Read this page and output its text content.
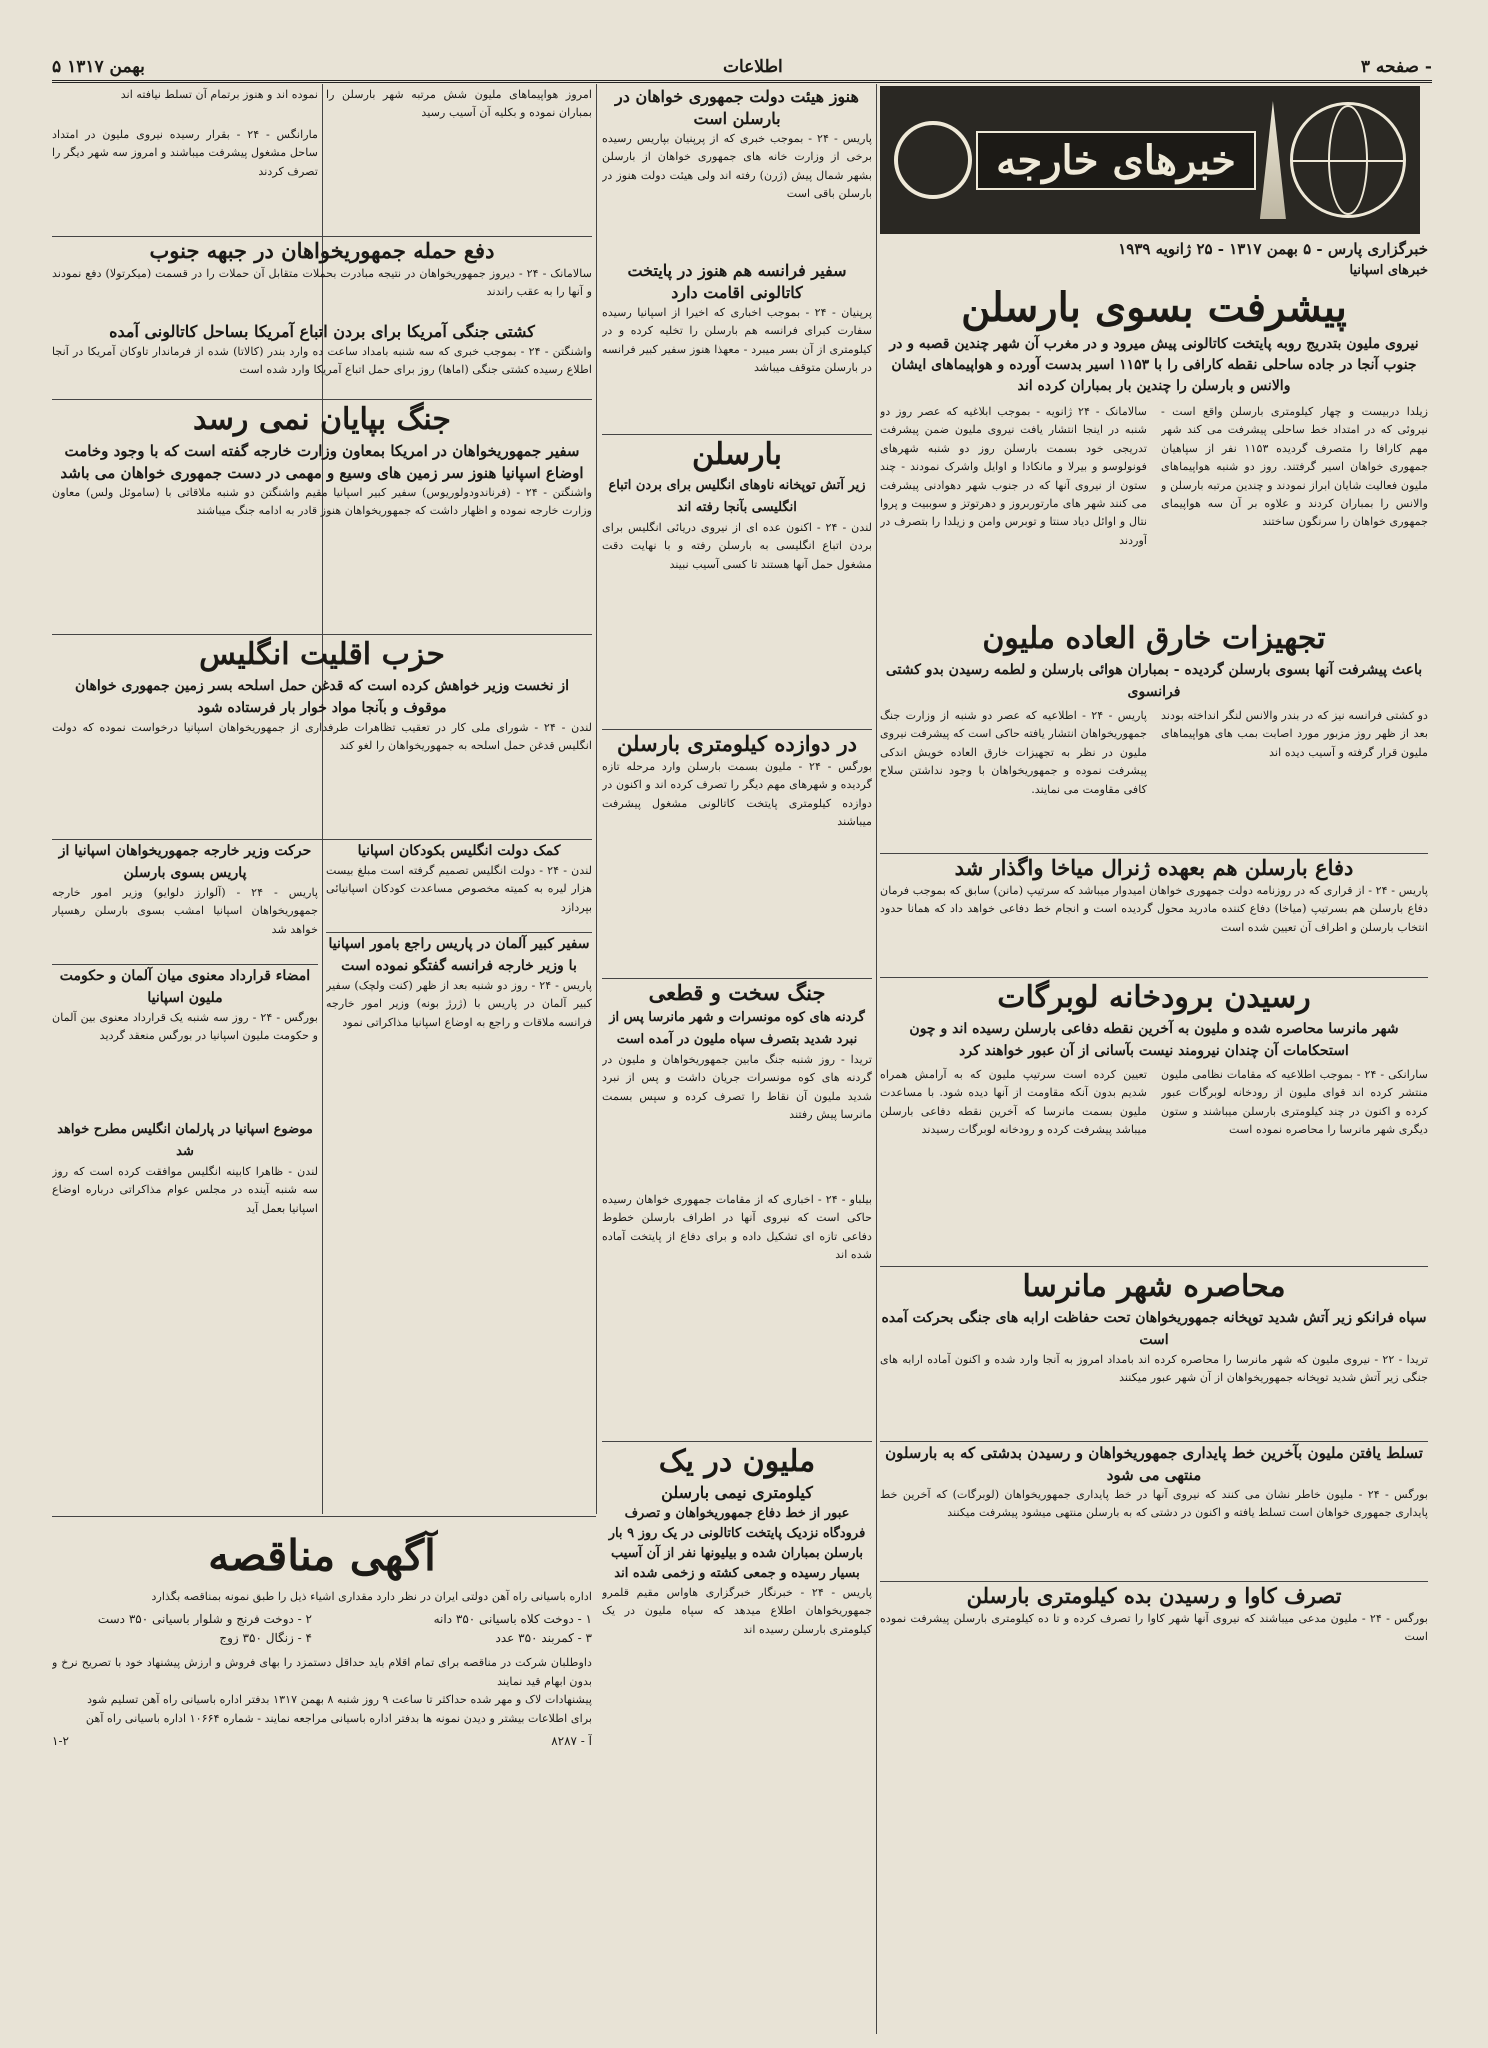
۵ بهمن ۱۳۱۷	اطلاعات	صفحه ۳ -
خبرهای خارجه
خبرگزاری پارس - ۵ بهمن ۱۳۱۷ - ۲۵ ژانویه ۱۹۳۹
خبرهای اسپانیا
پیشرفت بسوی بارسلن
نیروی ملیون بتدریج روبه پایتخت کاتالونی پیش میرود و در مغرب آن شهر چندین قصبه و در جنوب آنجا در جاده ساحلی نقطه کارافی را با ۱۱۵۳ اسیر بدست آورده و هواپیماهای ایشان والانس و بارسلن را چندین بار بمباران کرده اند
سالامانک - ۲۴ ژانویه - بموجب ابلاغیه که عصر روز دو شنبه در اینجا انتشار یافت نیروی ملیون ضمن پیشرفت تدریجی خود بسمت بارسلن روز دو شنبه شهرهای فونولوسو و بیرلا و مانکادا و اوایل واشرک نمودند - چند ستون از نیروی آنها که در جنوب شهر دهوادنی پیشرفت می کنند شهر های مارتوربروز و دهرتوتز و سوببیت و پروا نتال و اوائل دیاد سنتا و توبرس وامن و زیلدا را بتصرف در آوردند
زیلدا دربیست و چهار کیلومتری بارسلن واقع است - نیروئی که در امتداد خط ساحلی پیشرفت می کند شهر مهم کارافا را متصرف گردیده ۱۱۵۳ نفر از سپاهیان جمهوری خواهان اسیر گرفتند. روز دو شنبه هواپیماهای ملیون فعالیت شایان ابراز نمودند و چندین مرتبه بارسلن و والانس را بمباران کردند و علاوه بر آن سه هواپیمای جمهوری خواهان را سرنگون ساختند
تجهیزات خارق العاده ملیون
باعث پیشرفت آنها بسوی بارسلن گردیده - بمباران هوائی بارسلن و لطمه رسیدن بدو کشتی فرانسوی
پاریس - ۲۴ - اطلاعیه که عصر دو شنبه از وزارت جنگ جمهوریخواهان انتشار یافته حاکی است که پیشرفت نیروی ملیون در نظر به تجهیزات خارق العاده خویش اندکی پیشرفت نموده و جمهوریخواهان با وجود نداشتن سلاح کافی مقاومت می نمایند.
دو کشتی فرانسه نیز که در بندر والانس لنگر انداخته بودند بعد از ظهر روز مزبور مورد اصابت بمب های هواپیماهای ملیون قرار گرفته و آسیب دیده اند
دفاع بارسلن هم بعهده ژنرال میاخا واگذار شد
پاریس - ۲۴ - از قراری که در روزنامه دولت جمهوری خواهان امیدوار میباشد که سرتیپ (مانن) سابق که بموجب فرمان دفاع بارسلن هم بسرتیپ (میاخا) دفاع کننده مادرید محول گردیده است و انجام خط دفاعی خواهد داد که همانا حدود انتخاب بارسلن و اطراف آن تعیین شده است
رسیدن برودخانه لوبرگات
شهر مانرسا محاصره شده و ملیون به آخرین نقطه دفاعی بارسلن رسیده اند و چون استحکامات آن چندان نیرومند نیست بآسانی از آن عبور خواهند کرد
تعیین کرده است سرتیپ ملیون که به آرامش همراه شدیم بدون آنکه مقاومت از آنها دیده شود. با مساعدت ملیون بسمت مانرسا که آخرین نقطه دفاعی بارسلن میباشد پیشرفت کرده و رودخانه لوبرگات رسیدند
سارانکی - ۲۴ - بموجب اطلاعیه که مقامات نظامی ملیون منتشر کرده اند قوای ملیون از رودخانه لوبرگات عبور کرده و اکنون در چند کیلومتری بارسلن میباشند و ستون دیگری شهر مانرسا را محاصره نموده است
محاصره شهر مانرسا
سپاه فرانکو زیر آتش شدید توپخانه جمهوریخواهان تحت حفاظت ارابه های جنگی بحرکت آمده است
تریدا - ۲۲ - نیروی ملیون که شهر مانرسا را محاصره کرده اند بامداد امروز به آنجا وارد شده و اکنون آماده ارابه های جنگی زیر آتش شدید توپخانه جمهوریخواهان از آن شهر عبور میکنند
تسلط یافتن ملیون بآخرین خط پایداری جمهوریخواهان و رسیدن بدشتی که به بارسلون منتهی می شود
بورگس - ۲۴ - ملیون خاطر نشان می کنند که نیروی آنها در خط پایداری جمهوریخواهان (لوبرگات) که آخرین خط پایداری جمهوری خواهان است تسلط یافته و اکنون در دشتی که به بارسلن منتهی میشود پیشرفت میکنند
تصرف کاوا و رسیدن بده کیلومتری بارسلن
بورگس - ۲۴ - ملیون مدعی میباشند که نیروی آنها شهر کاوا را تصرف کرده و تا ده کیلومتری بارسلن پیشرفت نموده است
هنوز هیئت دولت جمهوری خواهان در بارسلن است
پاریس - ۲۴ - بموجب خبری که از پرپنیان بپاریس رسیده برخی از وزارت خانه های جمهوری خواهان از بارسلن بشهر شمال پیش (ژرن) رفته اند ولی هیئت دولت هنوز در بارسلن باقی است
سفیر فرانسه هم هنوز در پایتخت کاتالونی اقامت دارد
پرپنیان - ۲۴ - بموجب اخباری که اخیرا از اسپانیا رسیده سفارت کبرای فرانسه هم بارسلن را تخلیه کرده و در کیلومتری از آن بسر میبرد - معهذا هنوز سفیر کبیر فرانسه در بارسلن متوقف میباشد
بارسلن
زیر آتش توپخانه ناوهای انگلیس برای بردن اتباع انگلیسی بآنجا رفته اند
لندن - ۲۴ - اکنون عده ای از نیروی دریائی انگلیس برای بردن اتباع انگلیسی به بارسلن رفته و با نهایت دقت مشغول حمل آنها هستند تا کسی آسیب نبیند
در دوازده کیلومتری بارسلن
بورگس - ۲۴ - ملیون بسمت بارسلن وارد مرحله تازه گردیده و شهرهای مهم دیگر را تصرف کرده اند و اکنون در دوازده کیلومتری پایتخت کاتالونی مشغول پیشرفت میباشند
جنگ سخت و قطعی
گردنه های کوه مونسرات و شهر مانرسا پس از نبرد شدید بتصرف سپاه ملیون در آمده است
تریدا - روز شنبه جنگ مابین جمهوریخواهان و ملیون در گردنه های کوه مونسرات جریان داشت و پس از نبرد شدید ملیون آن نقاط را تصرف کرده و سپس بسمت مانرسا پیش رفتند
بیلباو - ۲۴ - اخباری که از مقامات جمهوری خواهان رسیده حاکی است که نیروی آنها در اطراف بارسلن خطوط دفاعی تازه ای تشکیل داده و برای دفاع از پایتخت آماده شده اند
ملیون در یک
کیلومتری نیمی بارسلن
عبور از خط دفاع جمهوریخواهان و تصرف فرودگاه نزدیک پایتخت کاتالونی در یک روز ۹ بار بارسلن بمباران شده و بیلیونها نفر از آن آسیب بسیار رسیده و جمعی کشته و زخمی شده اند
پاریس - ۲۴ - خبرنگار خبرگزاری هاواس مقیم قلمرو جمهوریخواهان اطلاع میدهد که سپاه ملیون در یک کیلومتری بارسلن رسیده اند
امروز هواپیماهای ملیون شش مرتبه شهر بارسلن را بمباران نموده و بکلیه آن آسیب رسید
نموده اند و هنوز برتمام آن تسلط نیافته اند
مارانگس - ۲۴ - بقرار رسیده نیروی ملیون در امتداد ساحل مشغول پیشرفت میباشند و امروز سه شهر دیگر را تصرف کردند
دفع حمله جمهوریخواهان در جبهه جنوب
سالامانک - ۲۴ - دیروز جمهوریخواهان در نتیجه مبادرت بحملات متقابل آن حملات را در قسمت (میکرتولا) دفع نمودند و آنها را به عقب راندند
کشتی جنگی آمریکا برای بردن اتباع آمریکا بساحل کاتالونی آمده
واشنگتن - ۲۴ - بموجب خبری که سه شنبه بامداد ساعت ده وارد بندر (کالاتا) شده از فرماندار تاوکان آمریکا در آنجا اطلاع رسیده کشتی جنگی (اماها) روز برای حمل اتباع آمریکا وارد شده است
جنگ بپایان نمی رسد
سفیر جمهوریخواهان در امریکا بمعاون وزارت خارجه گفته است که با وجود وخامت اوضاع اسپانیا هنوز سر زمین های وسیع و مهمی در دست جمهوری خواهان می باشد
واشنگتن - ۲۴ - (فرناندودولوریوس) سفیر کبیر اسپانیا مقیم واشنگتن دو شنبه ملاقاتی با (ساموئل ولس) معاون وزارت خارجه نموده و اظهار داشت که جمهوریخواهان هنوز قادر به ادامه جنگ میباشند
حزب اقلیت انگلیس
از نخست وزیر خواهش کرده است که قدغن حمل اسلحه بسر زمین جمهوری خواهان موقوف و بآنجا مواد خوار بار فرستاده شود
لندن - ۲۴ - شورای ملی کار در تعقیب تظاهرات طرفداری از جمهوریخواهان اسپانیا درخواست نموده که دولت انگلیس قدغن حمل اسلحه به جمهوریخواهان را لغو کند
کمک دولت انگلیس بکودکان اسپانیا
لندن - ۲۴ - دولت انگلیس تصمیم گرفته است مبلغ بیست هزار لیره به کمیته مخصوص مساعدت کودکان اسپانیائی بپردازد
سفیر کبیر آلمان در پاریس راجع بامور اسپانیا با وزیر خارجه فرانسه گفتگو نموده است
پاریس - ۲۴ - روز دو شنبه بعد از ظهر (کنت ولچک) سفیر کبیر آلمان در پاریس با (ژرژ بونه) وزیر امور خارجه فرانسه ملاقات و راجع به اوضاع اسپانیا مذاکراتی نمود
حرکت وزیر خارجه جمهوریخواهان اسپانیا از پاریس بسوی بارسلن
پاریس - ۲۴ - (آلوارز دلوایو) وزیر امور خارجه جمهوریخواهان اسپانیا امشب بسوی بارسلن رهسپار خواهد شد
امضاء قرارداد معنوی میان آلمان و حکومت ملیون اسپانیا
بورگس - ۲۴ - روز سه شنبه یک قرارداد معنوی بین آلمان و حکومت ملیون اسپانیا در بورگس منعقد گردید
موضوع اسپانیا در پارلمان انگلیس مطرح خواهد شد
لندن - ظاهرا کابینه انگلیس موافقت کرده است که روز سه شنبه آینده در مجلس عوام مذاکراتی درباره اوضاع اسپانیا بعمل آید
آگهی مناقصه
اداره باسیانی راه آهن دولتی ایران در نظر دارد مقداری اشیاء ذیل را طبق نمونه بمناقصه بگذارد
۱ - دوخت کلاه باسیانی ۳۵۰ دانه
۲ - دوخت فرنج و شلوار باسیانی ۳۵۰ دست
۳ - کمربند ۳۵۰ عدد
۴ - زنگال ۳۵۰ زوج
داوطلبان شرکت در مناقصه برای تمام اقلام باید حداقل دستمزد را بهای فروش و ارزش پیشنهاد خود با تصریح نرخ و بدون ابهام قید نمایند
پیشنهادات لاک و مهر شده حداکثر تا ساعت ۹ روز شنبه ۸ بهمن ۱۳۱۷ بدفتر اداره باسیانی راه آهن تسلیم شود
برای اطلاعات بیشتر و دیدن نمونه ها بدفتر اداره باسیانی مراجعه نمایند - شماره ۱۰۶۶۴ اداره باسیانی راه آهن
۱-۲	آ - ۸۲۸۷
